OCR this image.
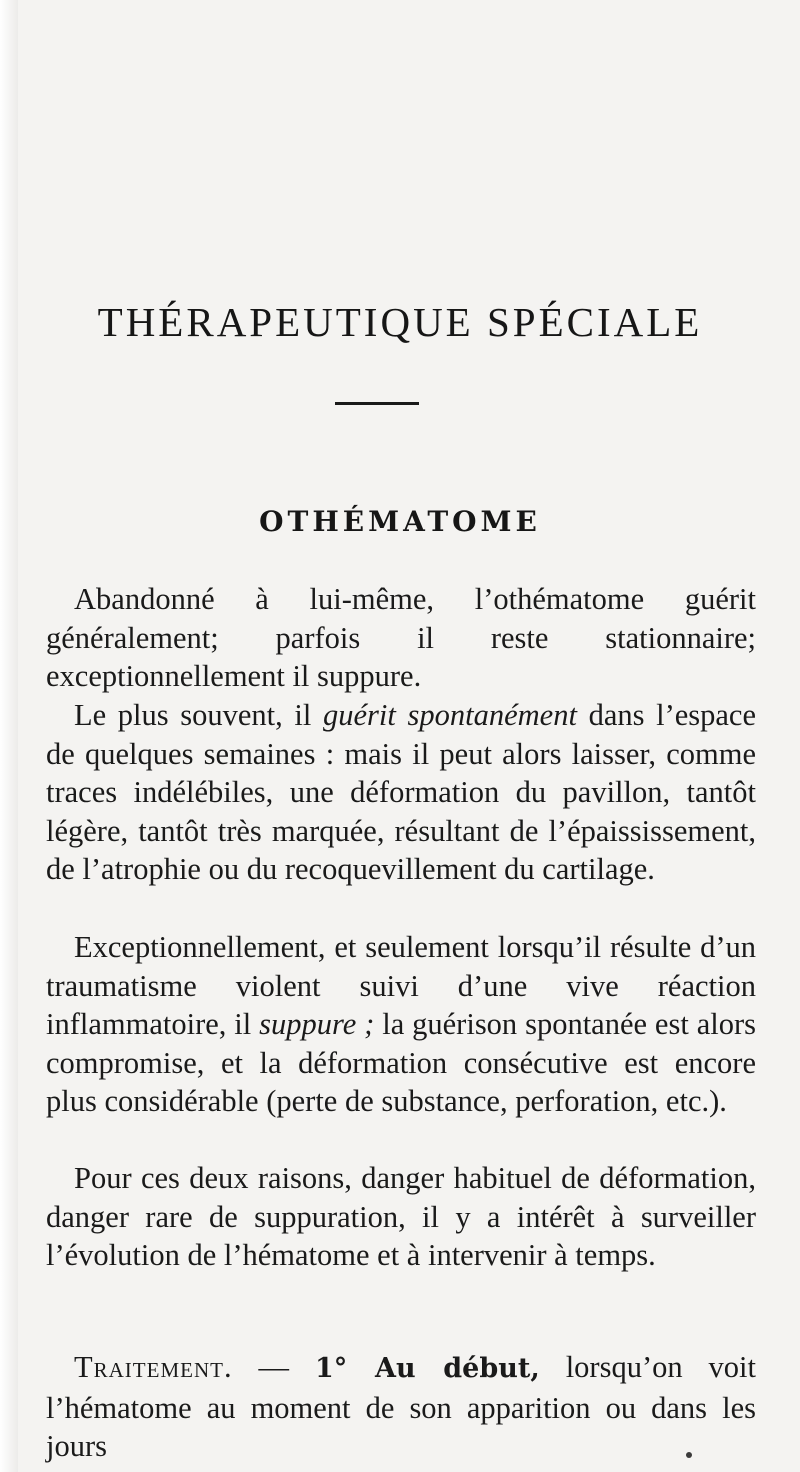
THÉRAPEUTIQUE SPÉCIALE
OTHÉMATOME

Abandonné à lui-même, l’othématome guérit généralement; parfois il reste stationnaire; exceptionnellement il suppure.

Le plus souvent, il guérit spontanément dans l’espace de quelques semaines : mais il peut alors laisser, comme traces indélébiles, une déformation du pavillon, tantôt légère, tantôt très marquée, résultant de l’épaississement, de l’atrophie ou du recoquevillement du cartilage.

Exceptionnellement, et seulement lorsqu’il résulte d’un traumatisme violent suivi d’une vive réaction inflammatoire, il suppure ; la guérison spontanée est alors compromise, et la déformation consécutive est encore plus considérable (perte de substance, perforation, etc.).

Pour ces deux raisons, danger habituel de déformation, danger rare de suppuration, il y a intérêt à surveiller l’évolution de l’hématome et à intervenir à temps.

Traitement. — 1° Au début, lorsqu’on voit l’hématome au moment de son apparition ou dans les jours
